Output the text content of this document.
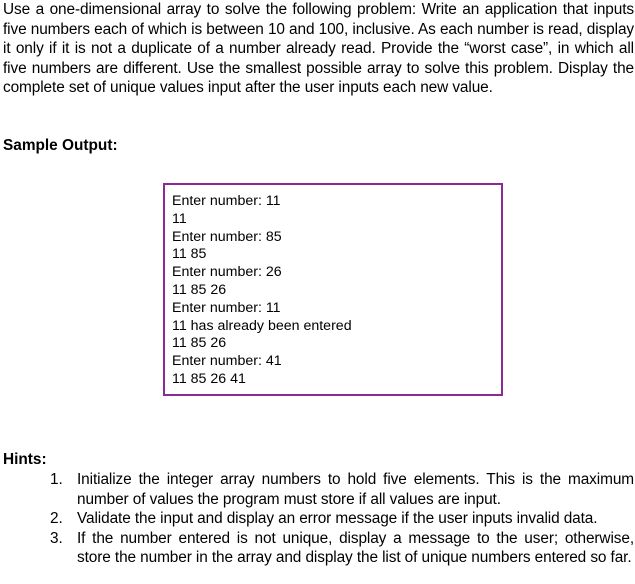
Use a one-dimensional array to solve the following problem: Write an application that inputs five numbers each of which is between 10 and 100, inclusive. As each number is read, display it only if it is not a duplicate of a number already read. Provide the “worst case”, in which all five numbers are different. Use the smallest possible array to solve this problem. Display the complete set of unique values input after the user inputs each new value.

Sample Output:

Enter number: 11
11
Enter number: 85
11 85
Enter number: 26
11 85 26
Enter number: 11
11 has already been entered
11 85 26
Enter number: 41
11 85 26 41

Hints:

1. Initialize the integer array numbers to hold five elements. This is the maximum number of values the program must store if all values are input.
2. Validate the input and display an error message if the user inputs invalid data.
3. If the number entered is not unique, display a message to the user; otherwise, store the number in the array and display the list of unique numbers entered so far.
